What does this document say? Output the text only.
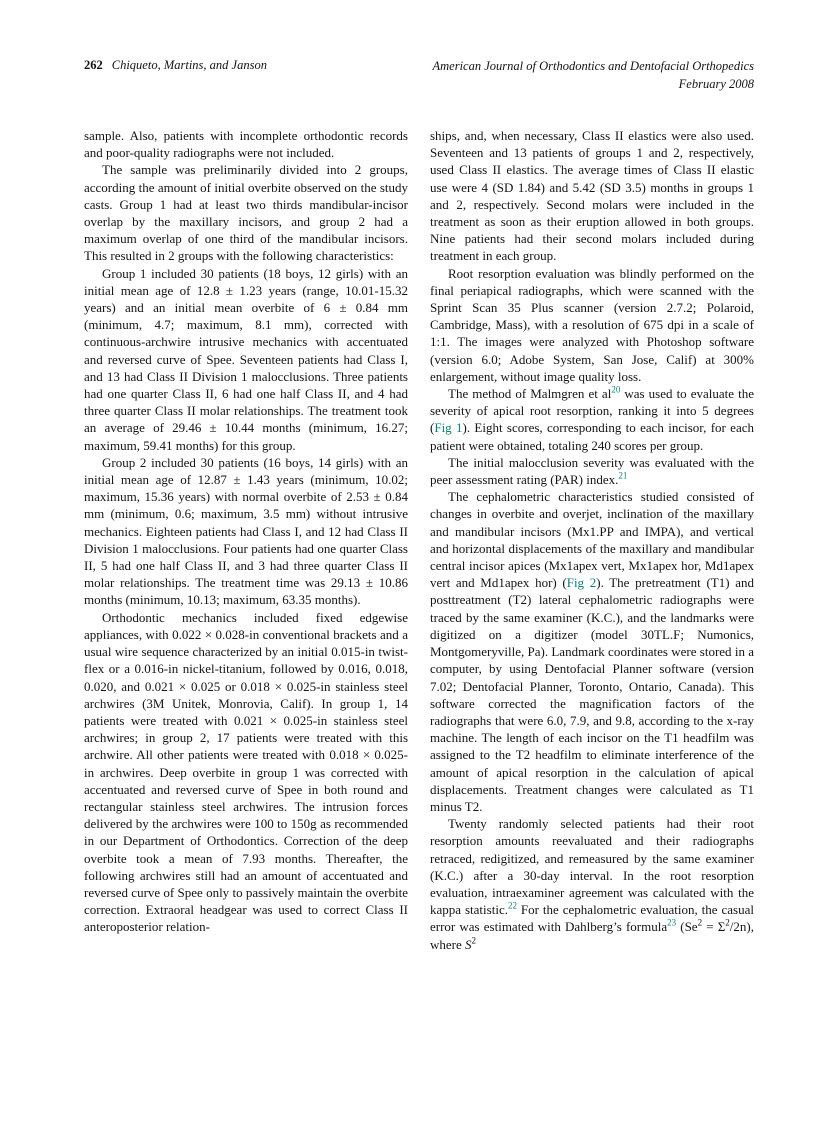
262 Chiqueto, Martins, and Janson	American Journal of Orthodontics and Dentofacial Orthopedics
February 2008

sample. Also, patients with incomplete orthodontic records and poor-quality radiographs were not included.

The sample was preliminarily divided into 2 groups, according the amount of initial overbite observed on the study casts. Group 1 had at least two thirds mandibular-incisor overlap by the maxillary incisors, and group 2 had a maximum overlap of one third of the mandibular incisors. This resulted in 2 groups with the following characteristics:

Group 1 included 30 patients (18 boys, 12 girls) with an initial mean age of 12.8 ± 1.23 years (range, 10.01-15.32 years) and an initial mean overbite of 6 ± 0.84 mm (minimum, 4.7; maximum, 8.1 mm), corrected with continuous-archwire intrusive mechanics with accentuated and reversed curve of Spee. Seventeen patients had Class I, and 13 had Class II Division 1 malocclusions. Three patients had one quarter Class II, 6 had one half Class II, and 4 had three quarter Class II molar relationships. The treatment took an average of 29.46 ± 10.44 months (minimum, 16.27; maximum, 59.41 months) for this group.

Group 2 included 30 patients (16 boys, 14 girls) with an initial mean age of 12.87 ± 1.43 years (minimum, 10.02; maximum, 15.36 years) with normal overbite of 2.53 ± 0.84 mm (minimum, 0.6; maximum, 3.5 mm) without intrusive mechanics. Eighteen patients had Class I, and 12 had Class II Division 1 malocclusions. Four patients had one quarter Class II, 5 had one half Class II, and 3 had three quarter Class II molar relationships. The treatment time was 29.13 ± 10.86 months (minimum, 10.13; maximum, 63.35 months).

Orthodontic mechanics included fixed edgewise appliances, with 0.022 × 0.028-in conventional brackets and a usual wire sequence characterized by an initial 0.015-in twist-flex or a 0.016-in nickel-titanium, followed by 0.016, 0.018, 0.020, and 0.021 × 0.025 or 0.018 × 0.025-in stainless steel archwires (3M Unitek, Monrovia, Calif). In group 1, 14 patients were treated with 0.021 × 0.025-in stainless steel archwires; in group 2, 17 patients were treated with this archwire. All other patients were treated with 0.018 × 0.025-in archwires. Deep overbite in group 1 was corrected with accentuated and reversed curve of Spee in both round and rectangular stainless steel archwires. The intrusion forces delivered by the archwires were 100 to 150g as recommended in our Department of Orthodontics. Correction of the deep overbite took a mean of 7.93 months. Thereafter, the following archwires still had an amount of accentuated and reversed curve of Spee only to passively maintain the overbite correction. Extraoral headgear was used to correct Class II anteroposterior relation-

ships, and, when necessary, Class II elastics were also used. Seventeen and 13 patients of groups 1 and 2, respectively, used Class II elastics. The average times of Class II elastic use were 4 (SD 1.84) and 5.42 (SD 3.5) months in groups 1 and 2, respectively. Second molars were included in the treatment as soon as their eruption allowed in both groups. Nine patients had their second molars included during treatment in each group.

Root resorption evaluation was blindly performed on the final periapical radiographs, which were scanned with the Sprint Scan 35 Plus scanner (version 2.7.2; Polaroid, Cambridge, Mass), with a resolution of 675 dpi in a scale of 1:1. The images were analyzed with Photoshop software (version 6.0; Adobe System, San Jose, Calif) at 300% enlargement, without image quality loss.

The method of Malmgren et $al^{20}$ was used to evaluate the severity of apical root resorption, ranking it into 5 degrees (Fig 1). Eight scores, corresponding to each incisor, for each patient were obtained, totaling 240 scores per group.

The initial malocclusion severity was evaluated with the peer assessment rating (PAR) index.$^{21}$

The cephalometric characteristics studied consisted of changes in overbite and overjet, inclination of the maxillary and mandibular incisors (Mx1.PP and IMPA), and vertical and horizontal displacements of the maxillary and mandibular central incisor apices (Mx1apex vert, Mx1apex hor, Md1apex vert and Md1apex hor) (Fig 2). The pretreatment (T1) and posttreatment (T2) lateral cephalometric radiographs were traced by the same examiner (K.C.), and the landmarks were digitized on a digitizer (model 30TL.F; Numonics, Montgomeryville, Pa). Landmark coordinates were stored in a computer, by using Dentofacial Planner software (version 7.02; Dentofacial Planner, Toronto, Ontario, Canada). This software corrected the magnification factors of the radiographs that were 6.0, 7.9, and 9.8, according to the x-ray machine. The length of each incisor on the T1 headfilm was assigned to the T2 headfilm to eliminate interference of the amount of apical resorption in the calculation of apical displacements. Treatment changes were calculated as T1 minus T2.

Twenty randomly selected patients had their root resorption amounts reevaluated and their radiographs retraced, redigitized, and remeasured by the same examiner (K.C.) after a 30-day interval. In the root resorption evaluation, intraexaminer agreement was calculated with the kappa statistic.$^{22}$ For the cephalometric evaluation, the casual error was estimated with Dahlberg’s formula$^{23}$ $(Se^2 = \Sigma^2/2n)$, where $S^2$
